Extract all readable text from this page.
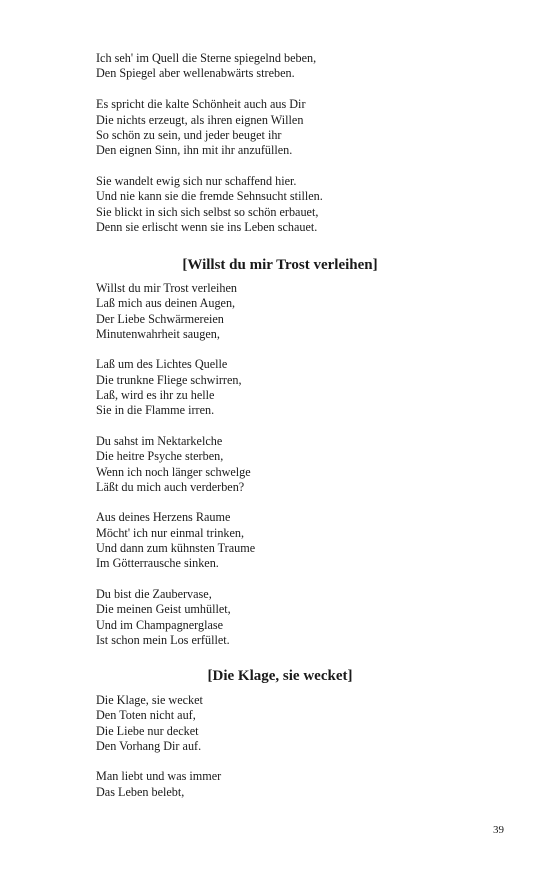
Ich seh' im Quell die Sterne spiegelnd beben,
Den Spiegel aber wellenabwärts streben.
Es spricht die kalte Schönheit auch aus Dir
Die nichts erzeugt, als ihren eignen Willen
So schön zu sein, und jeder beuget ihr
Den eignen Sinn, ihn mit ihr anzufüllen.
Sie wandelt ewig sich nur schaffend hier.
Und nie kann sie die fremde Sehnsucht stillen.
Sie blickt in sich sich selbst so schön erbauet,
Denn sie erlischt wenn sie ins Leben schauet.
[Willst du mir Trost verleihen]
Willst du mir Trost verleihen
Laß mich aus deinen Augen,
Der Liebe Schwärmereien
Minutenwahrheit saugen,
Laß um des Lichtes Quelle
Die trunkne Fliege schwirren,
Laß, wird es ihr zu helle
Sie in die Flamme irren.
Du sahst im Nektarkelche
Die heitre Psyche sterben,
Wenn ich noch länger schwelge
Läßt du mich auch verderben?
Aus deines Herzens Raume
Möcht' ich nur einmal trinken,
Und dann zum kühnsten Traume
Im Götterrausche sinken.
Du bist die Zaubervase,
Die meinen Geist umhüllet,
Und im Champagnerglase
Ist schon mein Los erfüllet.
[Die Klage, sie wecket]
Die Klage, sie wecket
Den Toten nicht auf,
Die Liebe nur decket
Den Vorhang Dir auf.
Man liebt und was immer
Das Leben belebt,
39
